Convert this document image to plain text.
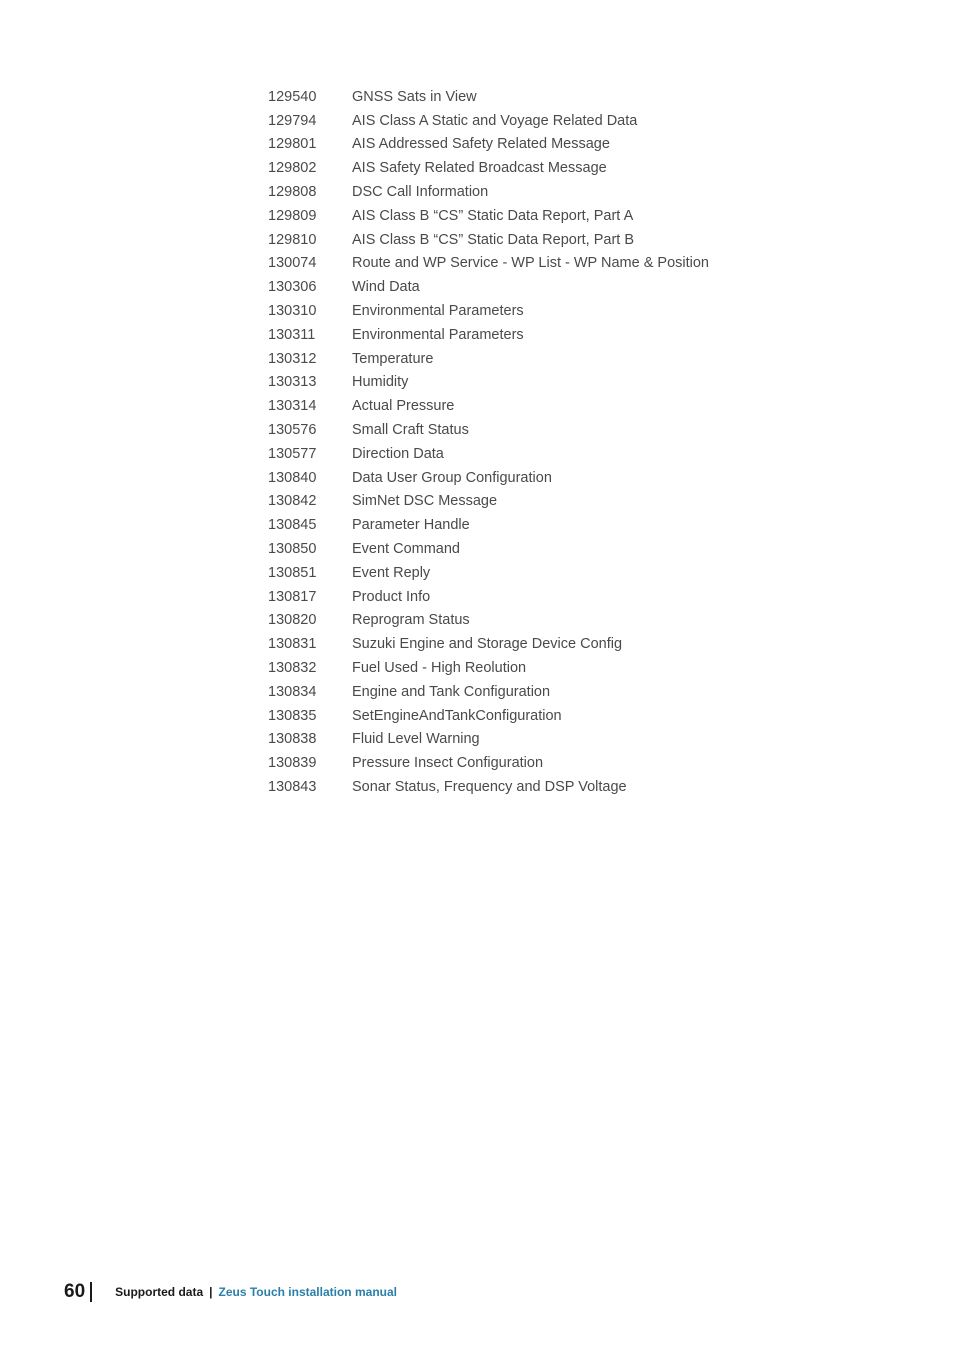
129540	GNSS Sats in View
129794	AIS Class A Static and Voyage Related Data
129801	AIS Addressed Safety Related Message
129802	AIS Safety Related Broadcast Message
129808	DSC Call Information
129809	AIS Class B “CS” Static Data Report, Part A
129810	AIS Class B “CS” Static Data Report, Part B
130074	Route and WP Service - WP List - WP Name & Position
130306	Wind Data
130310	Environmental Parameters
130311	Environmental Parameters
130312	Temperature
130313	Humidity
130314	Actual Pressure
130576	Small Craft Status
130577	Direction Data
130840	Data User Group Configuration
130842	SimNet DSC Message
130845	Parameter Handle
130850	Event Command
130851	Event Reply
130817	Product Info
130820	Reprogram Status
130831	Suzuki Engine and Storage Device Config
130832	Fuel Used - High Reolution
130834	Engine and Tank Configuration
130835	SetEngineAndTankConfiguration
130838	Fluid Level Warning
130839	Pressure Insect Configuration
130843	Sonar Status, Frequency and DSP Voltage
60	Supported data | Zeus Touch installation manual
